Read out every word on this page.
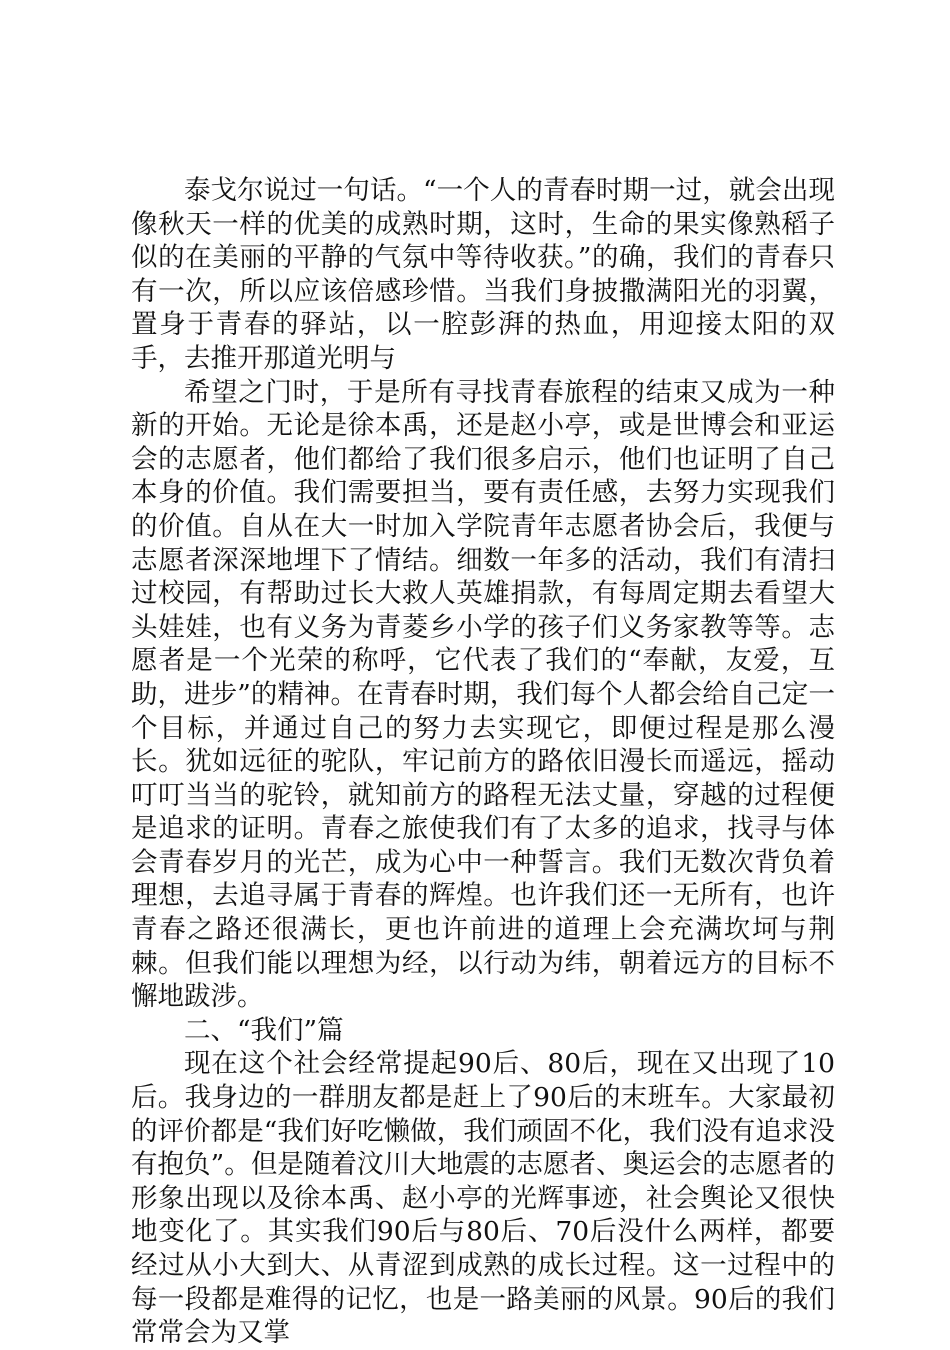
泰戈尔说过一句话。“一个人的青春时期一过，就会出现像秋天一样的优美的成熟时期，这时，生命的果实像熟稻子似的在美丽的平静的气氛中等待收获。”的确，我们的青春只有一次，所以应该倍感珍惜。当我们身披撒满阳光的羽翼，置身于青春的驿站，以一腔彭湃的热血，用迎接太阳的双手，去推开那道光明与

希望之门时，于是所有寻找青春旅程的结束又成为一种新的开始。无论是徐本禹，还是赵小亭，或是世博会和亚运会的志愿者，他们都给了我们很多启示，他们也证明了自己本身的价值。我们需要担当，要有责任感，去努力实现我们的价值。自从在大一时加入学院青年志愿者协会后，我便与志愿者深深地埋下了情结。细数一年多的活动，我们有清扫过校园，有帮助过长大救人英雄捐款，有每周定期去看望大头娃娃，也有义务为青菱乡小学的孩子们义务家教等等。志愿者是一个光荣的称呼，它代表了我们的“奉献，友爱，互助，进步”的精神。在青春时期，我们每个人都会给自己定一个目标，并通过自己的努力去实现它，即便过程是那么漫长。犹如远征的驼队，牢记前方的路依旧漫长而遥远，摇动叮叮当当的驼铃，就知前方的路程无法丈量，穿越的过程便是追求的证明。青春之旅使我们有了太多的追求，找寻与体会青春岁月的光芒，成为心中一种誓言。我们无数次背负着理想，去追寻属于青春的辉煌。也许我们还一无所有，也许青春之路还很满长，更也许前进的道理上会充满坎坷与荆棘。但我们能以理想为经，以行动为纬，朝着远方的目标不懈地跋涉。

二、“我们”篇

现在这个社会经常提起90后、80后，现在又出现了10后。我身边的一群朋友都是赶上了90后的末班车。大家最初的评价都是“我们好吃懒做，我们顽固不化，我们没有追求没有抱负”。但是随着汶川大地震的志愿者、奥运会的志愿者的形象出现以及徐本禹、赵小亭的光辉事迹，社会舆论又很快地变化了。其实我们90后与80后、70后没什么两样，都要经过从小大到大、从青涩到成熟的成长过程。这一过程中的每一段都是难得的记忆，也是一路美丽的风景。90后的我们常常会为又掌
